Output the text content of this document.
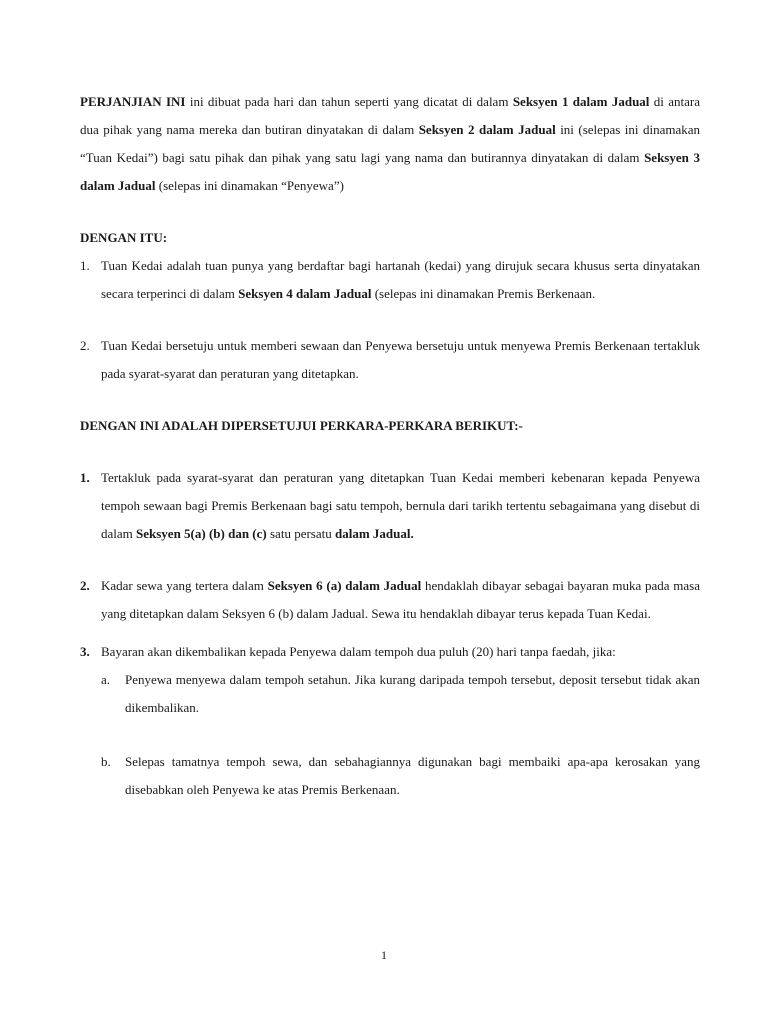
PERJANJIAN INI ini dibuat pada hari dan tahun seperti yang dicatat di dalam Seksyen 1 dalam Jadual di antara dua pihak yang nama mereka dan butiran dinyatakan di dalam Seksyen 2 dalam Jadual ini (selepas ini dinamakan “Tuan Kedai”) bagi satu pihak dan pihak yang satu lagi yang nama dan butirannya dinyatakan di dalam Seksyen 3 dalam Jadual (selepas ini dinamakan “Penyewa”)

DENGAN ITU:

1. Tuan Kedai adalah tuan punya yang berdaftar bagi hartanah (kedai) yang dirujuk secara khusus serta dinyatakan secara terperinci di dalam Seksyen 4 dalam Jadual (selepas ini dinamakan Premis Berkenaan.
2. Tuan Kedai bersetuju untuk memberi sewaan dan Penyewa bersetuju untuk menyewa Premis Berkenaan tertakluk pada syarat-syarat dan peraturan yang ditetapkan.

DENGAN INI ADALAH DIPERSETUJUI PERKARA-PERKARA BERIKUT:-

1. Tertakluk pada syarat-syarat dan peraturan yang ditetapkan Tuan Kedai memberi kebenaran kepada Penyewa tempoh sewaan bagi Premis Berkenaan bagi satu tempoh, bernula dari tarikh tertentu sebagaimana yang disebut di dalam Seksyen 5(a) (b) dan (c) satu persatu dalam Jadual.
2. Kadar sewa yang tertera dalam Seksyen 6 (a) dalam Jadual hendaklah dibayar sebagai bayaran muka pada masa yang ditetapkan dalam Seksyen 6 (b) dalam Jadual. Sewa itu hendaklah dibayar terus kepada Tuan Kedai.
3. Bayaran akan dikembalikan kepada Penyewa dalam tempoh dua puluh (20) hari tanpa faedah, jika:
a. Penyewa menyewa dalam tempoh setahun. Jika kurang daripada tempoh tersebut, deposit tersebut tidak akan dikembalikan.
b. Selepas tamatnya tempoh sewa, dan sebahagiannya digunakan bagi membaiki apa-apa kerosakan yang disebabkan oleh Penyewa ke atas Premis Berkenaan.
1
